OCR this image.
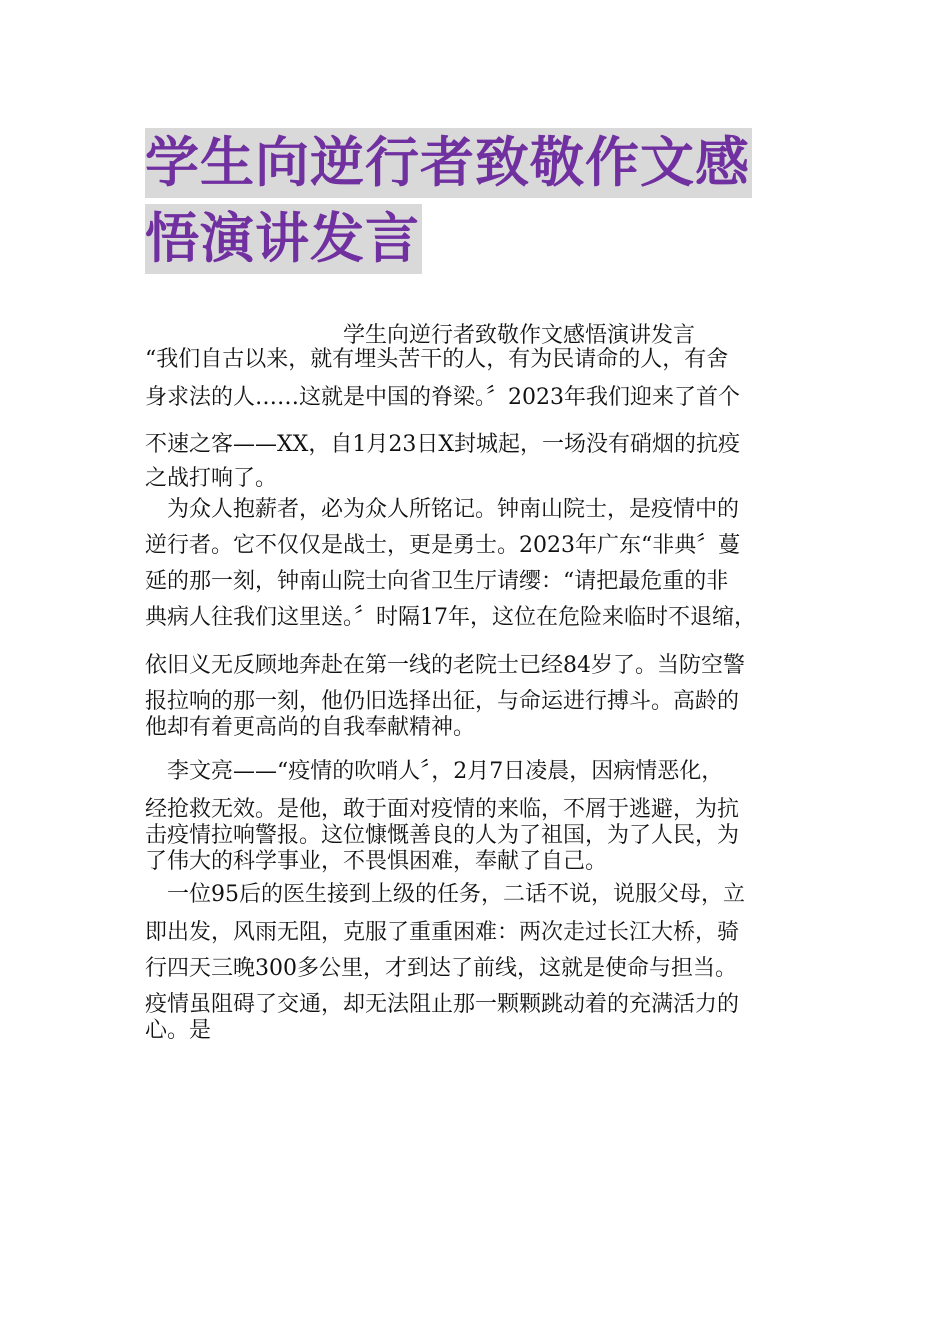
学生向逆行者致敬作文感
悟演讲发言
学生向逆行者致敬作文感悟演讲发言
“我们自古以来，就有埋头苦干的人，有为民请命的人，有舍
身求法的人……这就是中国的脊梁。〞2023年我们迎来了首个
不速之客——XX，自1月23日X封城起，一场没有硝烟的抗疫
之战打响了。
　为众人抱薪者，必为众人所铭记。钟南山院士，是疫情中的
逆行者。它不仅仅是战士，更是勇士。2023年广东“非典〞蔓
延的那一刻，钟南山院士向省卫生厅请缨：“请把最危重的非
典病人往我们这里送。〞时隔17年，这位在危险来临时不退缩，
依旧义无反顾地奔赴在第一线的老院士已经84岁了。当防空警
报拉响的那一刻，他仍旧选择出征，与命运进行搏斗。高龄的
他却有着更高尚的自我奉献精神。
　李文亮——“疫情的吹哨人〞，2月7日凌晨，因病情恶化，
经抢救无效。是他，敢于面对疫情的来临，不屑于逃避，为抗
击疫情拉响警报。这位慷慨善良的人为了祖国，为了人民，为
了伟大的科学事业，不畏惧困难，奉献了自己。
　一位95后的医生接到上级的任务，二话不说，说服父母，立
即出发，风雨无阻，克服了重重困难：两次走过长江大桥，骑
行四天三晚300多公里，才到达了前线，这就是使命与担当。
疫情虽阻碍了交通，却无法阻止那一颗颗跳动着的充满活力的
心。是
